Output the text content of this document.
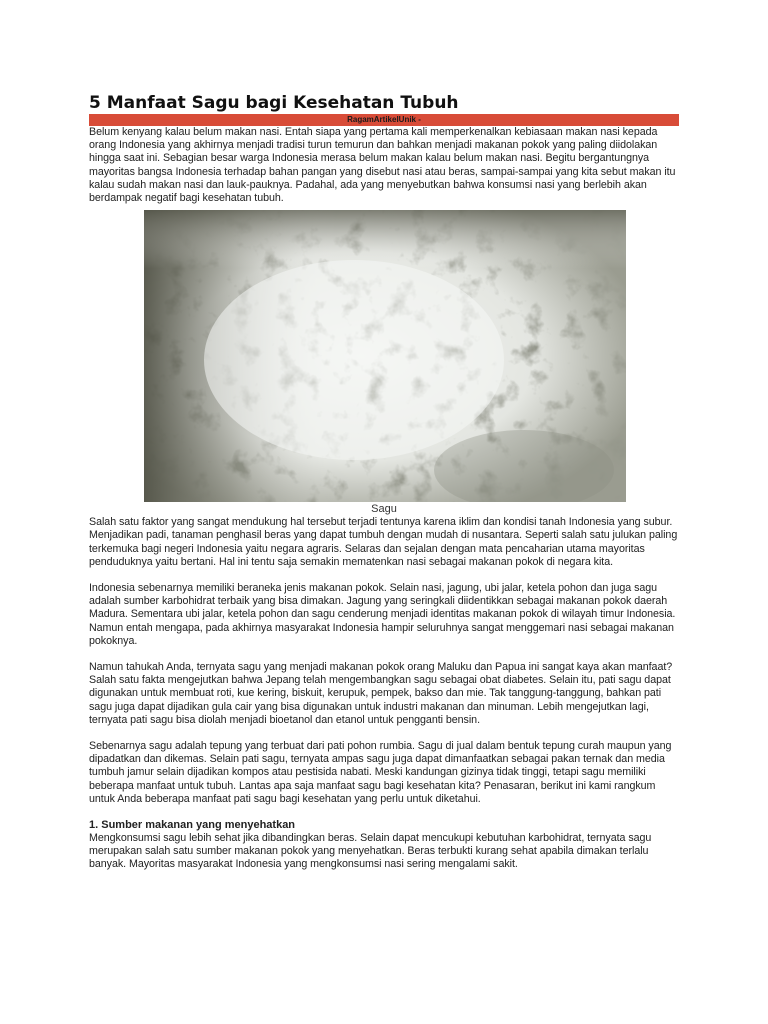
5 Manfaat Sagu bagi Kesehatan Tubuh
RagamArtikelUnik -

Belum kenyang kalau belum makan nasi. Entah siapa yang pertama kali memperkenalkan kebiasaan makan nasi kepada orang Indonesia yang akhirnya menjadi tradisi turun temurun dan bahkan menjadi makanan pokok yang paling diidolakan hingga saat ini. Sebagian besar warga Indonesia merasa belum makan kalau belum makan nasi. Begitu bergantungnya mayoritas bangsa Indonesia terhadap bahan pangan yang disebut nasi atau beras, sampai-sampai yang kita sebut makan itu kalau sudah makan nasi dan lauk-pauknya. Padahal, ada yang menyebutkan bahwa konsumsi nasi yang berlebih akan berdampak negatif bagi kesehatan tubuh.

Sagu

Salah satu faktor yang sangat mendukung hal tersebut terjadi tentunya karena iklim dan kondisi tanah Indonesia yang subur. Menjadikan padi, tanaman penghasil beras yang dapat tumbuh dengan mudah di nusantara. Seperti salah satu julukan paling terkemuka bagi negeri Indonesia yaitu negara agraris. Selaras dan sejalan dengan mata pencaharian utama mayoritas penduduknya yaitu bertani. Hal ini tentu saja semakin mematenkan nasi sebagai makanan pokok di negara kita.

Indonesia sebenarnya memiliki beraneka jenis makanan pokok. Selain nasi, jagung, ubi jalar, ketela pohon dan juga sagu adalah sumber karbohidrat terbaik yang bisa dimakan. Jagung yang seringkali diidentikkan sebagai makanan pokok daerah Madura. Sementara ubi jalar, ketela pohon dan sagu cenderung menjadi identitas makanan pokok di wilayah timur Indonesia. Namun entah mengapa, pada akhirnya masyarakat Indonesia hampir seluruhnya sangat menggemari nasi sebagai makanan pokoknya.

Namun tahukah Anda, ternyata sagu yang menjadi makanan pokok orang Maluku dan Papua ini sangat kaya akan manfaat? Salah satu fakta mengejutkan bahwa Jepang telah mengembangkan sagu sebagai obat diabetes. Selain itu, pati sagu dapat digunakan untuk membuat roti, kue kering, biskuit, kerupuk, pempek, bakso dan mie. Tak tanggung-tanggung, bahkan pati sagu juga dapat dijadikan gula cair yang bisa digunakan untuk industri makanan dan minuman. Lebih mengejutkan lagi, ternyata pati sagu bisa diolah menjadi bioetanol dan etanol untuk pengganti bensin.

Sebenarnya sagu adalah tepung yang terbuat dari pati pohon rumbia. Sagu di jual dalam bentuk tepung curah maupun yang dipadatkan dan dikemas. Selain pati sagu, ternyata ampas sagu juga dapat dimanfaatkan sebagai pakan ternak dan media tumbuh jamur selain dijadikan kompos atau pestisida nabati. Meski kandungan gizinya tidak tinggi, tetapi sagu memiliki beberapa manfaat untuk tubuh. Lantas apa saja manfaat sagu bagi kesehatan kita? Penasaran, berikut ini kami rangkum untuk Anda beberapa manfaat pati sagu bagi kesehatan yang perlu untuk diketahui.

1. Sumber makanan yang menyehatkan

Mengkonsumsi sagu lebih sehat jika dibandingkan beras. Selain dapat mencukupi kebutuhan karbohidrat, ternyata sagu merupakan salah satu sumber makanan pokok yang menyehatkan. Beras terbukti kurang sehat apabila dimakan terlalu banyak. Mayoritas masyarakat Indonesia yang mengkonsumsi nasi sering mengalami sakit.
